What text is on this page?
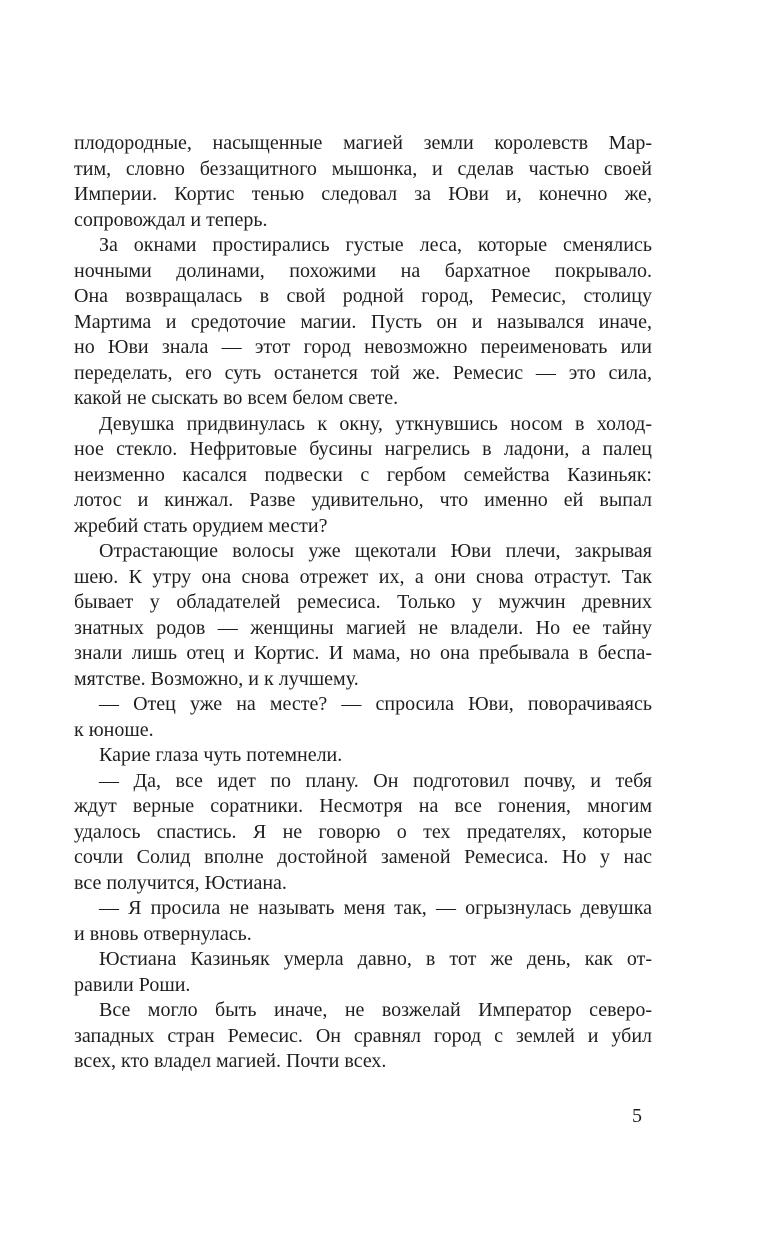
плодородные, насыщенные магией земли королевств Мар-
тим, словно беззащитного мышонка, и сделав частью своей
Империи. Кортис тенью следовал за Юви и, конечно же,
сопровождал и теперь.

За окнами простирались густые леса, которые сменялись
ночными долинами, похожими на бархатное покрывало.
Она возвращалась в свой родной город, Ремесис, столицу
Мартима и средоточие магии. Пусть он и назывался иначе,
но Юви знала — этот город невозможно переименовать или
переделать, его суть останется той же. Ремесис — это сила,
какой не сыскать во всем белом свете.

Девушка придвинулась к окну, уткнувшись носом в холод-
ное стекло. Нефритовые бусины нагрелись в ладони, а палец
неизменно касался подвески с гербом семейства Казиньяк:
лотос и кинжал. Разве удивительно, что именно ей выпал
жребий стать орудием мести?

Отрастающие волосы уже щекотали Юви плечи, закрывая
шею. К утру она снова отрежет их, а они снова отрастут. Так
бывает у обладателей ремесиса. Только у мужчин древних
знатных родов — женщины магией не владели. Но ее тайну
знали лишь отец и Кортис. И мама, но она пребывала в беспа-
мятстве. Возможно, и к лучшему.

— Отец уже на месте? — спросила Юви, поворачиваясь
к юноше.

Карие глаза чуть потемнели.

— Да, все идет по плану. Он подготовил почву, и тебя
ждут верные соратники. Несмотря на все гонения, многим
удалось спастись. Я не говорю о тех предателях, которые
сочли Солид вполне достойной заменой Ремесиса. Но у нас
все получится, Юстиана.

— Я просила не называть меня так, — огрызнулась девушка
и вновь отвернулась.

Юстиана Казиньяк умерла давно, в тот же день, как от-
равили Роши.

Все могло быть иначе, не возжелай Император северо-
западных стран Ремесис. Он сравнял город с землей и убил
всех, кто владел магией. Почти всех.

5
